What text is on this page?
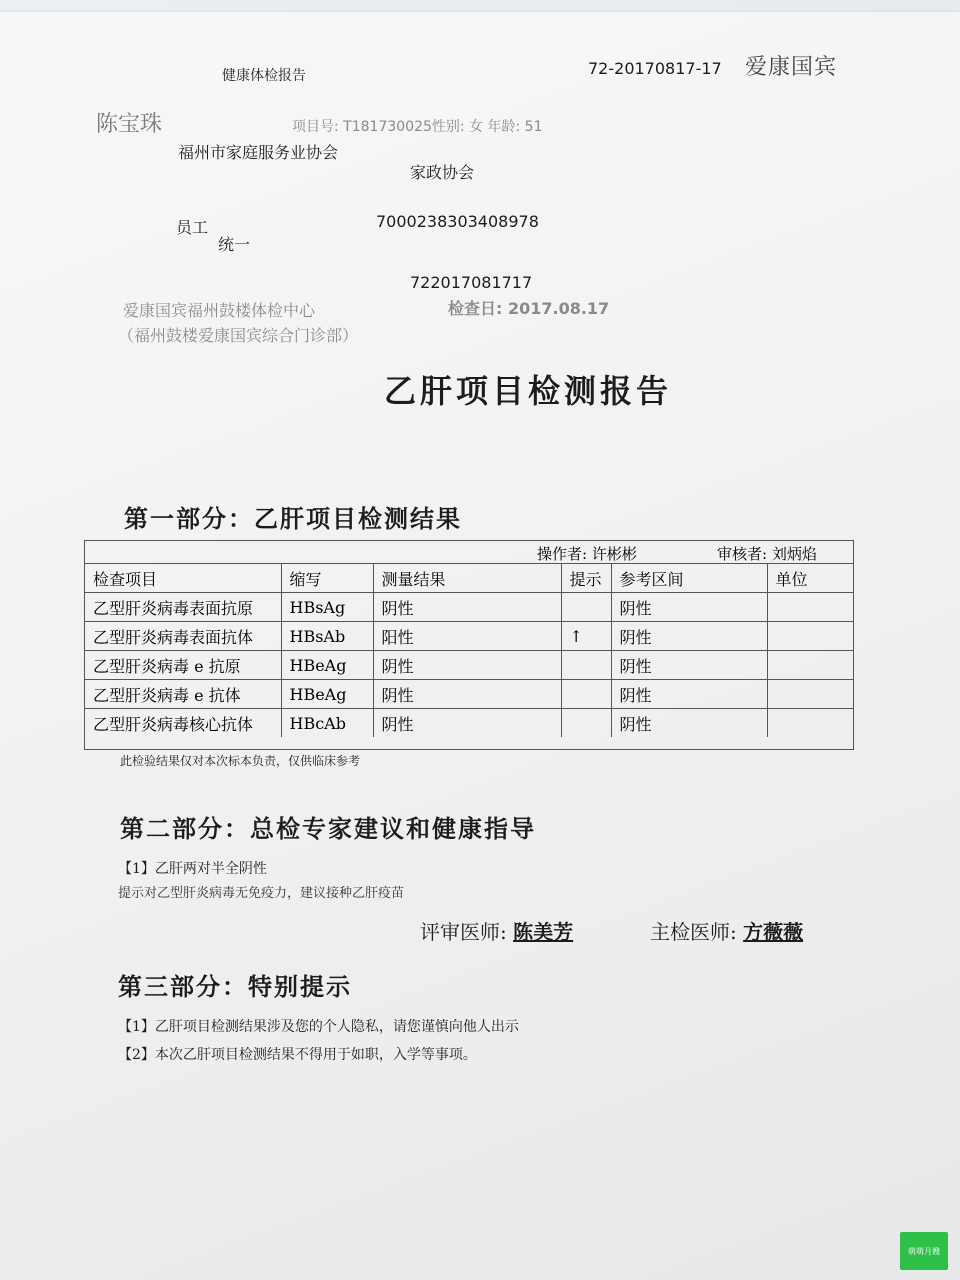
健康体检报告	72-20170817-17 爱康国宾
陈宝珠	项目号: T181730025性别: 女 年龄: 51
福州市家庭服务业协会
家政协会
员工
统一
7000238303408978
722017081717
爱康国宾福州鼓楼体检中心	检查日: 2017.08.17
（福州鼓楼爱康国宾综合门诊部）
乙肝项目检测报告
第一部分：乙肝项目检测结果
操作者: 许彬彬	审核者: 刘炳焰
检查项目	缩写	测量结果	提示	参考区间	单位
乙型肝炎病毒表面抗原	HBsAg	阴性		阴性	
乙型肝炎病毒表面抗体	HBsAb	阳性	↑	阴性	
乙型肝炎病毒 e 抗原	HBeAg	阴性		阴性	
乙型肝炎病毒 e 抗体	HBeAg	阴性		阴性	
乙型肝炎病毒核心抗体	HBcAb	阴性		阴性	
此检验结果仅对本次标本负责，仅供临床参考
第二部分：总检专家建议和健康指导
【1】乙肝两对半全阴性
提示对乙型肝炎病毒无免疫力，建议接种乙肝疫苗
评审医师: 陈美芳	主检医师: 方薇薇
第三部分：特别提示
【1】乙肝项目检测结果涉及您的个人隐私，请您谨慎向他人出示
【2】本次乙肝项目检测结果不得用于如职，入学等事项。
萌萌月嫂
